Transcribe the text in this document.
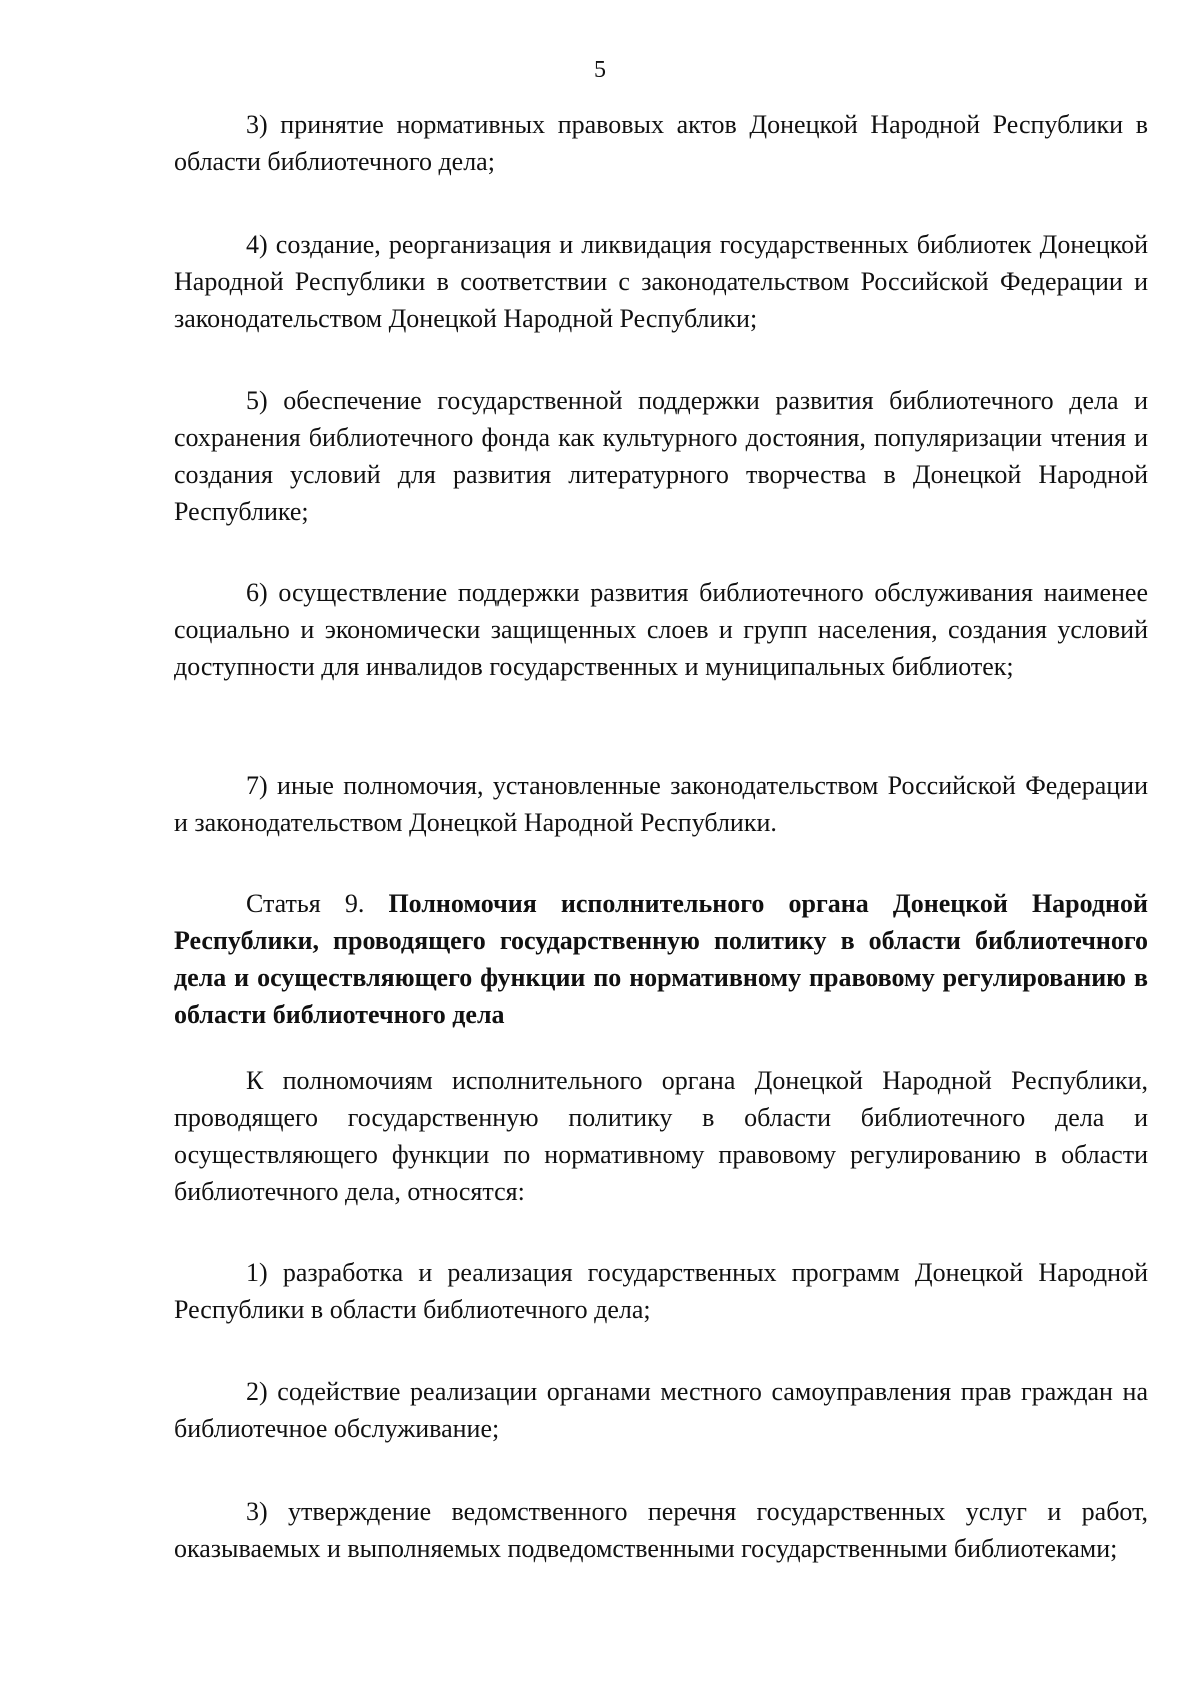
5

3) принятие нормативных правовых актов Донецкой Народной Республики в области библиотечного дела;

4) создание, реорганизация и ликвидация государственных библиотек Донецкой Народной Республики в соответствии с законодательством Российской Федерации и законодательством Донецкой Народной Республики;

5) обеспечение государственной поддержки развития библиотечного дела и сохранения библиотечного фонда как культурного достояния, популяризации чтения и создания условий для развития литературного творчества в Донецкой Народной Республике;

6) осуществление поддержки развития библиотечного обслуживания наименее социально и экономически защищенных слоев и групп населения, создания условий доступности для инвалидов государственных и муниципальных библиотек;

7) иные полномочия, установленные законодательством Российской Федерации и законодательством Донецкой Народной Республики.

Статья 9. Полномочия исполнительного органа Донецкой Народной Республики, проводящего государственную политику в области библиотечного дела и осуществляющего функции по нормативному правовому регулированию в области библиотечного дела

К полномочиям исполнительного органа Донецкой Народной Республики, проводящего государственную политику в области библиотечного дела и осуществляющего функции по нормативному правовому регулированию в области библиотечного дела, относятся:

1) разработка и реализация государственных программ Донецкой Народной Республики в области библиотечного дела;

2) содействие реализации органами местного самоуправления прав граждан на библиотечное обслуживание;

3) утверждение ведомственного перечня государственных услуг и работ, оказываемых и выполняемых подведомственными государственными библиотеками;
